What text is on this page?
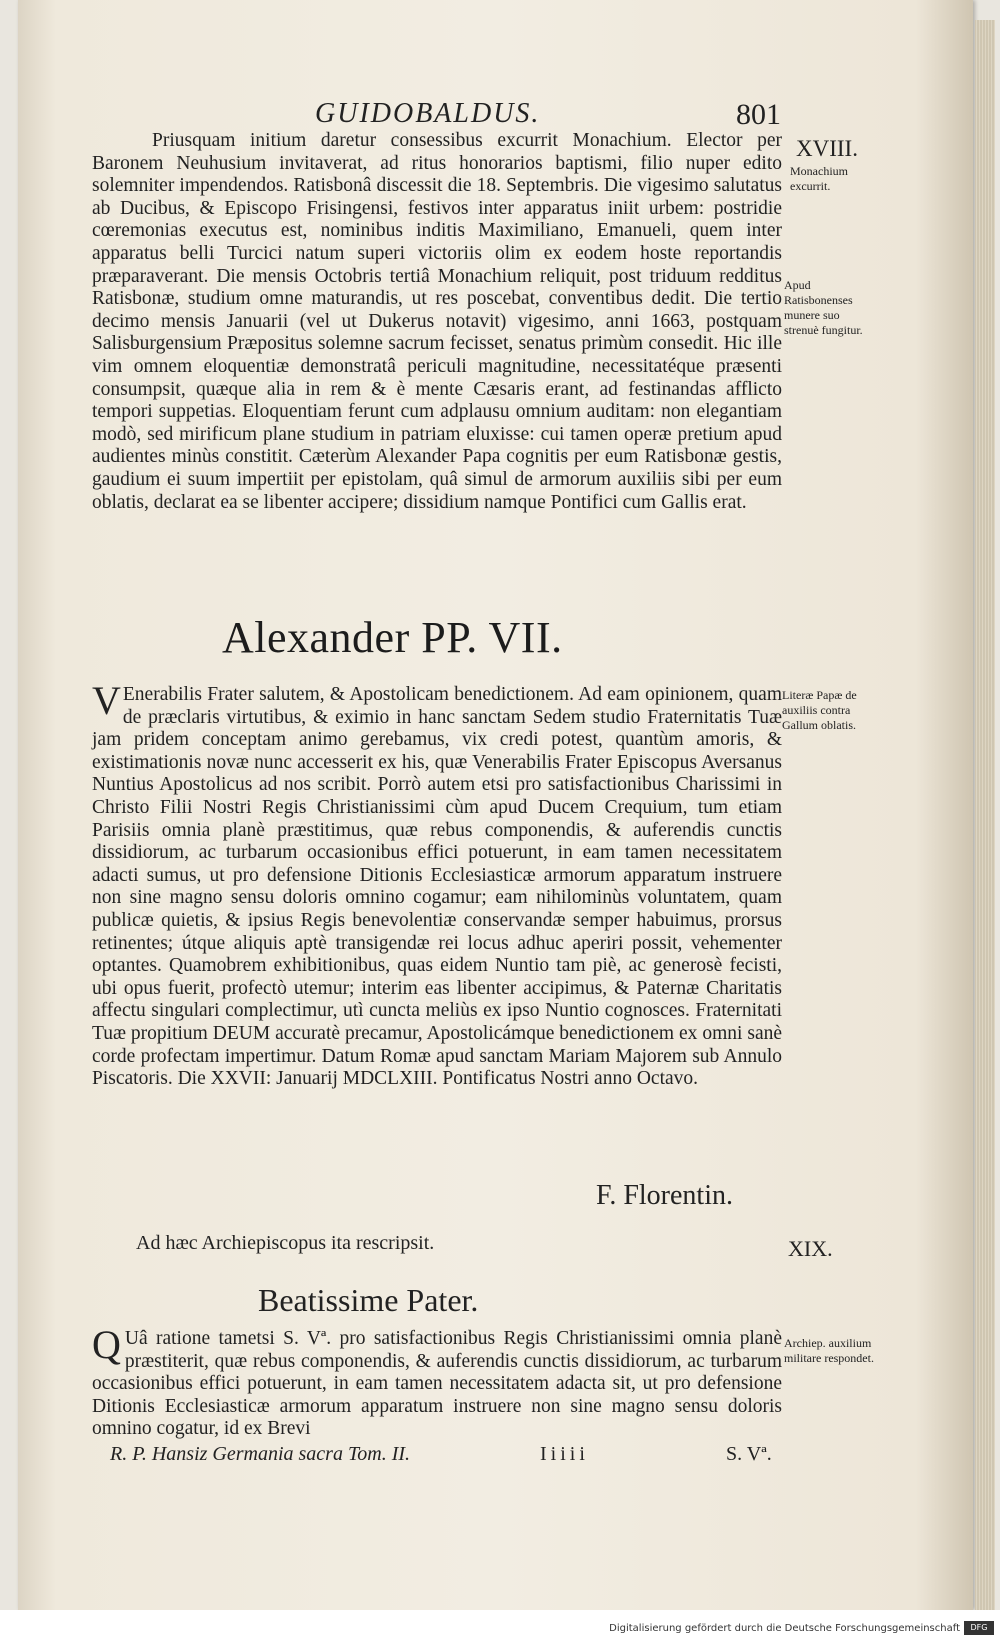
GUIDOBALDUS.	801
XVIII.
Monachium excurrit.
Apud Ratisbonenses munere suo strenuè fungitur.
Priusquam initium daretur consessibus excurrit Monachium. Elector per Baronem Neuhusium invitaverat, ad ritus honorarios baptismi, filio nuper edito solemniter impendendos. Ratisbonâ discessit die 18. Septembris. Die vigesimo salutatus ab Ducibus, & Episcopo Frisingensi, festivos inter apparatus iniit urbem: postridie cœremonias executus est, nominibus inditis Maximiliano, Emanueli, quem inter apparatus belli Turcici natum superi victoriis olim ex eodem hoste reportandis præparaverant. Die mensis Octobris tertiâ Monachium reliquit, post triduum redditus Ratisbonæ, studium omne maturandis, ut res poscebat, conventibus dedit. Die tertio decimo mensis Januarii (vel ut Dukerus notavit) vigesimo, anni 1663, postquam Salisburgensium Præpositus solemne sacrum fecisset, senatus primùm consedit. Hic ille vim omnem eloquentiæ demonstratâ periculi magnitudine, necessitatéque præsenti consumpsit, quæque alia in rem & è mente Cæsaris erant, ad festinandas afflicto tempori suppetias. Eloquentiam ferunt cum adplausu omnium auditam: non elegantiam modò, sed mirificum plane studium in patriam eluxisse: cui tamen operæ pretium apud audientes minùs constitit. Cæterùm Alexander Papa cognitis per eum Ratisbonæ gestis, gaudium ei suum impertiit per epistolam, quâ simul de armorum auxiliis sibi per eum oblatis, declarat ea se libenter accipere; dissidium namque Pontifici cum Gallis erat.
Alexander PP. VII.
Literæ Papæ de auxiliis contra Gallum oblatis.
V Enerabilis Frater salutem, & Apostolicam benedictionem. Ad eam opinionem, quam de præclaris virtutibus, & eximio in hanc sanctam Sedem studio Fraternitatis Tuæ jam pridem conceptam animo gerebamus, vix credi potest, quantùm amoris, & existimationis novæ nunc accesserit ex his, quæ Venerabilis Frater Episcopus Aversanus Nuntius Apostolicus ad nos scribit. Porrò autem etsi pro satisfactionibus Charissimi in Christo Filii Nostri Regis Christianissimi cùm apud Ducem Crequium, tum etiam Parisiis omnia planè præstitimus, quæ rebus componendis, & auferendis cunctis dissidiorum, ac turbarum occasionibus effici potuerunt, in eam tamen necessitatem adacti sumus, ut pro defensione Ditionis Ecclesiasticæ armorum apparatum instruere non sine magno sensu doloris omnino cogamur; eam nihilominùs voluntatem, quam publicæ quietis, & ipsius Regis benevolentiæ conservandæ semper habuimus, prorsus retinentes; útque aliquis aptè transigendæ rei locus adhuc aperiri possit, vehementer optantes. Quamobrem exhibitionibus, quas eidem Nuntio tam piè, ac generosè fecisti, ubi opus fuerit, profectò utemur; interim eas libenter accipimus, & Paternæ Charitatis affectu singulari complectimur, utì cuncta meliùs ex ipso Nuntio cognosces. Fraternitati Tuæ propitium DEUM accuratè precamur, Apostolicámque benedictionem ex omni sanè corde profectam impertimur. Datum Romæ apud sanctam Mariam Majorem sub Annulo Piscatoris. Die XXVII: Januarij MDCLXIII. Pontificatus Nostri anno Octavo.
F. Florentin.
Ad hæc Archiepiscopus ita rescripsit.	XIX.
Beatissime Pater.
Archiep. auxilium militare respondet.
Q Uâ ratione tametsi S. Vª. pro satisfactionibus Regis Christianissimi omnia planè præstiterit, quæ rebus componendis, & auferendis cunctis dissidiorum, ac turbarum occasionibus effici potuerunt, in eam tamen necessitatem adacta sit, ut pro defensione Ditionis Ecclesiasticæ armorum apparatum instruere non sine magno sensu doloris omnino cogatur, id ex Brevi
R. P. Hansiz Germania sacra Tom. II.	Iiiii	S. Vª.
Digitalisierung gefördert durch die Deutsche Forschungsgemeinschaft	DFG
